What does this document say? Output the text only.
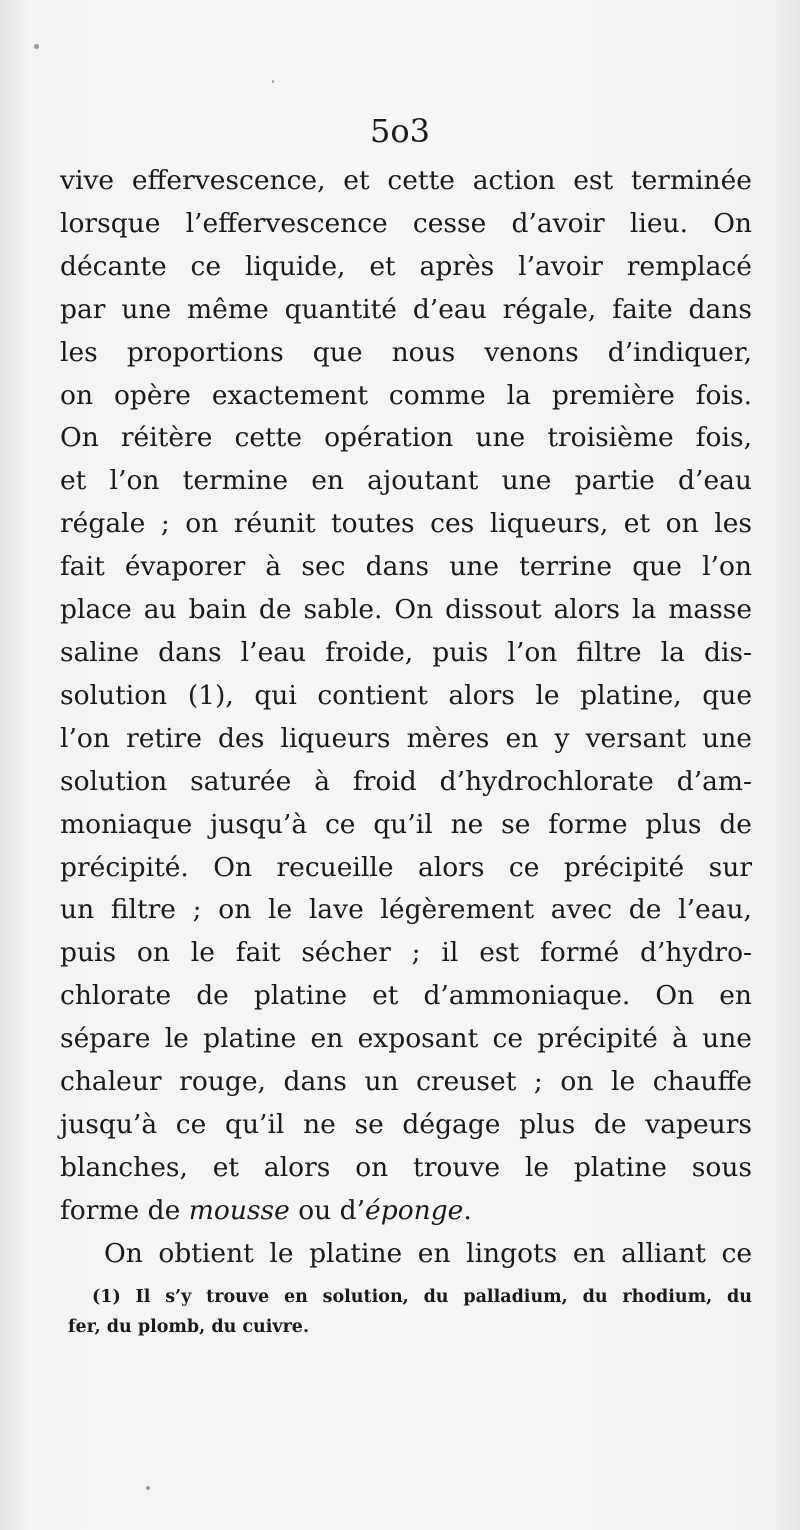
5o3
vive effervescence, et cette action est terminée
lorsque l’effervescence cesse d’avoir lieu. On
décante ce liquide, et après l’avoir remplacé
par une même quantité d’eau régale, faite dans
les proportions que nous venons d’indiquer,
on opère exactement comme la première fois.
On réitère cette opération une troisième fois,
et l’on termine en ajoutant une partie d’eau
régale ; on réunit toutes ces liqueurs, et on les
fait évaporer à sec dans une terrine que l’on
place au bain de sable. On dissout alors la masse
saline dans l’eau froide, puis l’on filtre la dis-
solution (1), qui contient alors le platine, que
l’on retire des liqueurs mères en y versant une
solution saturée à froid d’hydrochlorate d’am-
moniaque jusqu’à ce qu’il ne se forme plus de
précipité. On recueille alors ce précipité sur
un filtre ; on le lave légèrement avec de l’eau,
puis on le fait sécher ; il est formé d’hydro-
chlorate de platine et d’ammoniaque. On en
sépare le platine en exposant ce précipité à une
chaleur rouge, dans un creuset ; on le chauffe
jusqu’à ce qu’il ne se dégage plus de vapeurs
blanches, et alors on trouve le platine sous
forme de mousse ou d’éponge.
On obtient le platine en lingots en alliant ce
(1) Il s’y trouve en solution, du palladium, du rhodium, du
fer, du plomb, du cuivre.
